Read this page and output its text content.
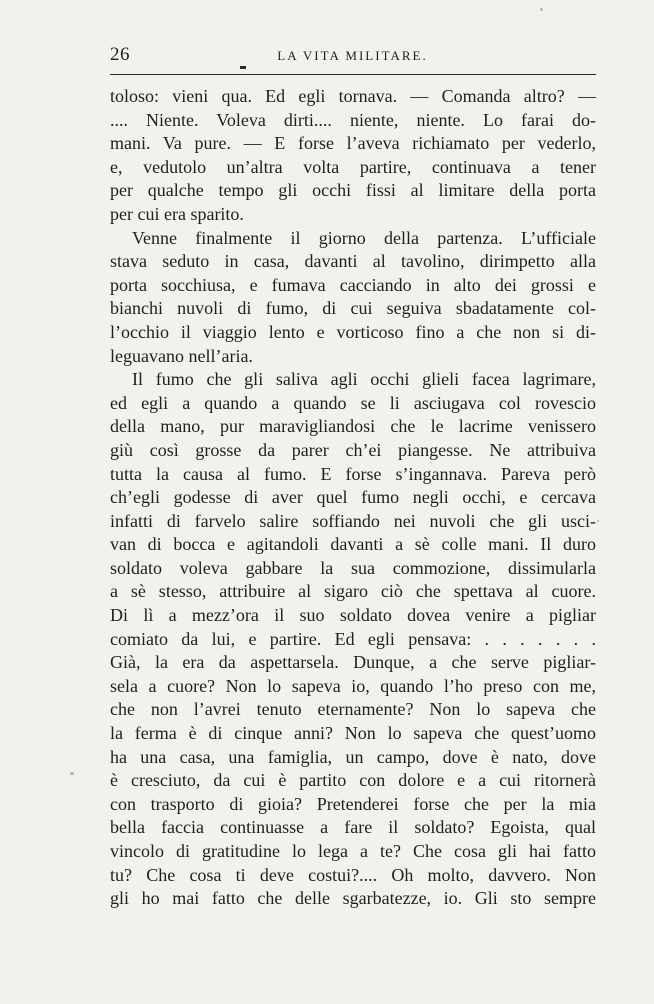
26	LA VITA MILITARE.
toloso: vieni qua. Ed egli tornava. — Comanda altro? —
.... Niente. Voleva dirti.... niente, niente. Lo farai do-
mani. Va pure. — E forse l’aveva richiamato per vederlo,
e, vedutolo un’altra volta partire, continuava a tener
per qualche tempo gli occhi fissi al limitare della porta
per cui era sparito.
Venne finalmente il giorno della partenza. L’ufficiale
stava seduto in casa, davanti al tavolino, dirimpetto alla
porta socchiusa, e fumava cacciando in alto dei grossi e
bianchi nuvoli di fumo, di cui seguiva sbadatamente col-
l’occhio il viaggio lento e vorticoso fino a che non si di-
leguavano nell’aria.
Il fumo che gli saliva agli occhi glieli facea lagrimare,
ed egli a quando a quando se li asciugava col rovescio
della mano, pur maravigliandosi che le lacrime venissero
giù così grosse da parer ch’ei piangesse. Ne attribuiva
tutta la causa al fumo. E forse s’ingannava. Pareva però
ch’egli godesse di aver quel fumo negli occhi, e cercava
infatti di farvelo salire soffiando nei nuvoli che gli usci-
van di bocca e agitandoli davanti a sè colle mani. Il duro
soldato voleva gabbare la sua commozione, dissimularla
a sè stesso, attribuire al sigaro ciò che spettava al cuore.
Di lì a mezz’ora il suo soldato dovea venire a pigliar
comiato da lui, e partire. Ed egli pensava: . . . . . . .
Già, la era da aspettarsela. Dunque, a che serve pigliar-
sela a cuore? Non lo sapeva io, quando l’ho preso con me,
che non l’avrei tenuto eternamente? Non lo sapeva che
la ferma è di cinque anni? Non lo sapeva che quest’uomo
ha una casa, una famiglia, un campo, dove è nato, dove
è cresciuto, da cui è partito con dolore e a cui ritornerà
con trasporto di gioia? Pretenderei forse che per la mia
bella faccia continuasse a fare il soldato? Egoista, qual
vincolo di gratitudine lo lega a te? Che cosa gli hai fatto
tu? Che cosa ti deve costui?.... Oh molto, davvero. Non
gli ho mai fatto che delle sgarbatezze, io. Gli sto sempre
